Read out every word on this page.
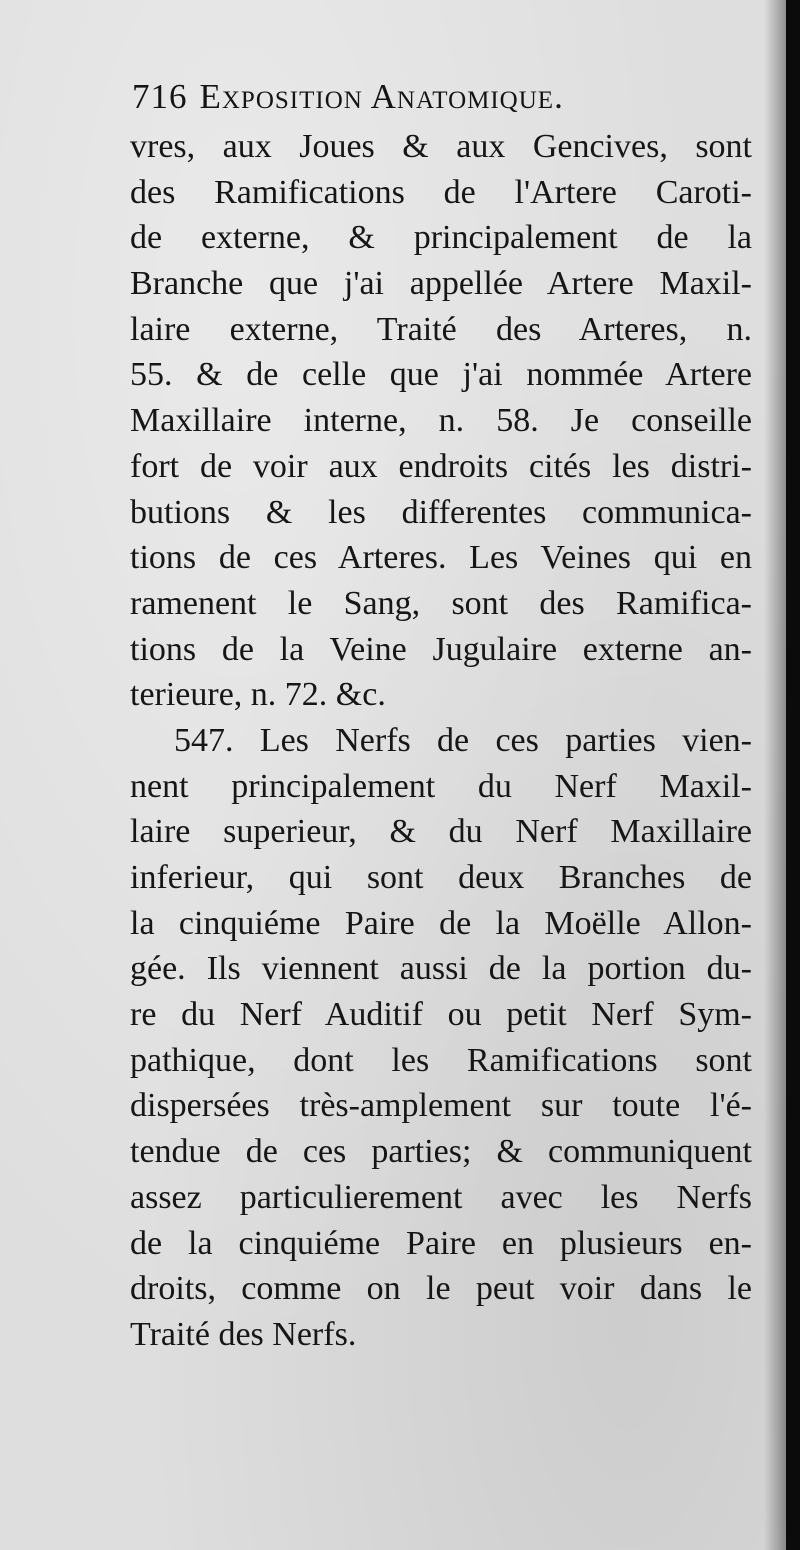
716 Exposition Anatomique.
vres, aux Joues & aux Gencives, sont
des Ramifications de l'Artere Caroti-
de externe, & principalement de la
Branche que j'ai appellée Artere Maxil-
laire externe, Traité des Arteres, n.
55. & de celle que j'ai nommée Artere
Maxillaire interne, n. 58. Je conseille
fort de voir aux endroits cités les distri-
butions & les differentes communica-
tions de ces Arteres. Les Veines qui en
ramenent le Sang, sont des Ramifica-
tions de la Veine Jugulaire externe an-
terieure, n. 72. &c.
547. Les Nerfs de ces parties vien-
nent principalement du Nerf Maxil-
laire superieur, & du Nerf Maxillaire
inferieur, qui sont deux Branches de
la cinquiéme Paire de la Moëlle Allon-
gée. Ils viennent aussi de la portion du-
re du Nerf Auditif ou petit Nerf Sym-
pathique, dont les Ramifications sont
dispersées très-amplement sur toute l'é-
tendue de ces parties; & communiquent
assez particulierement avec les Nerfs
de la cinquiéme Paire en plusieurs en-
droits, comme on le peut voir dans le
Traité des Nerfs.
